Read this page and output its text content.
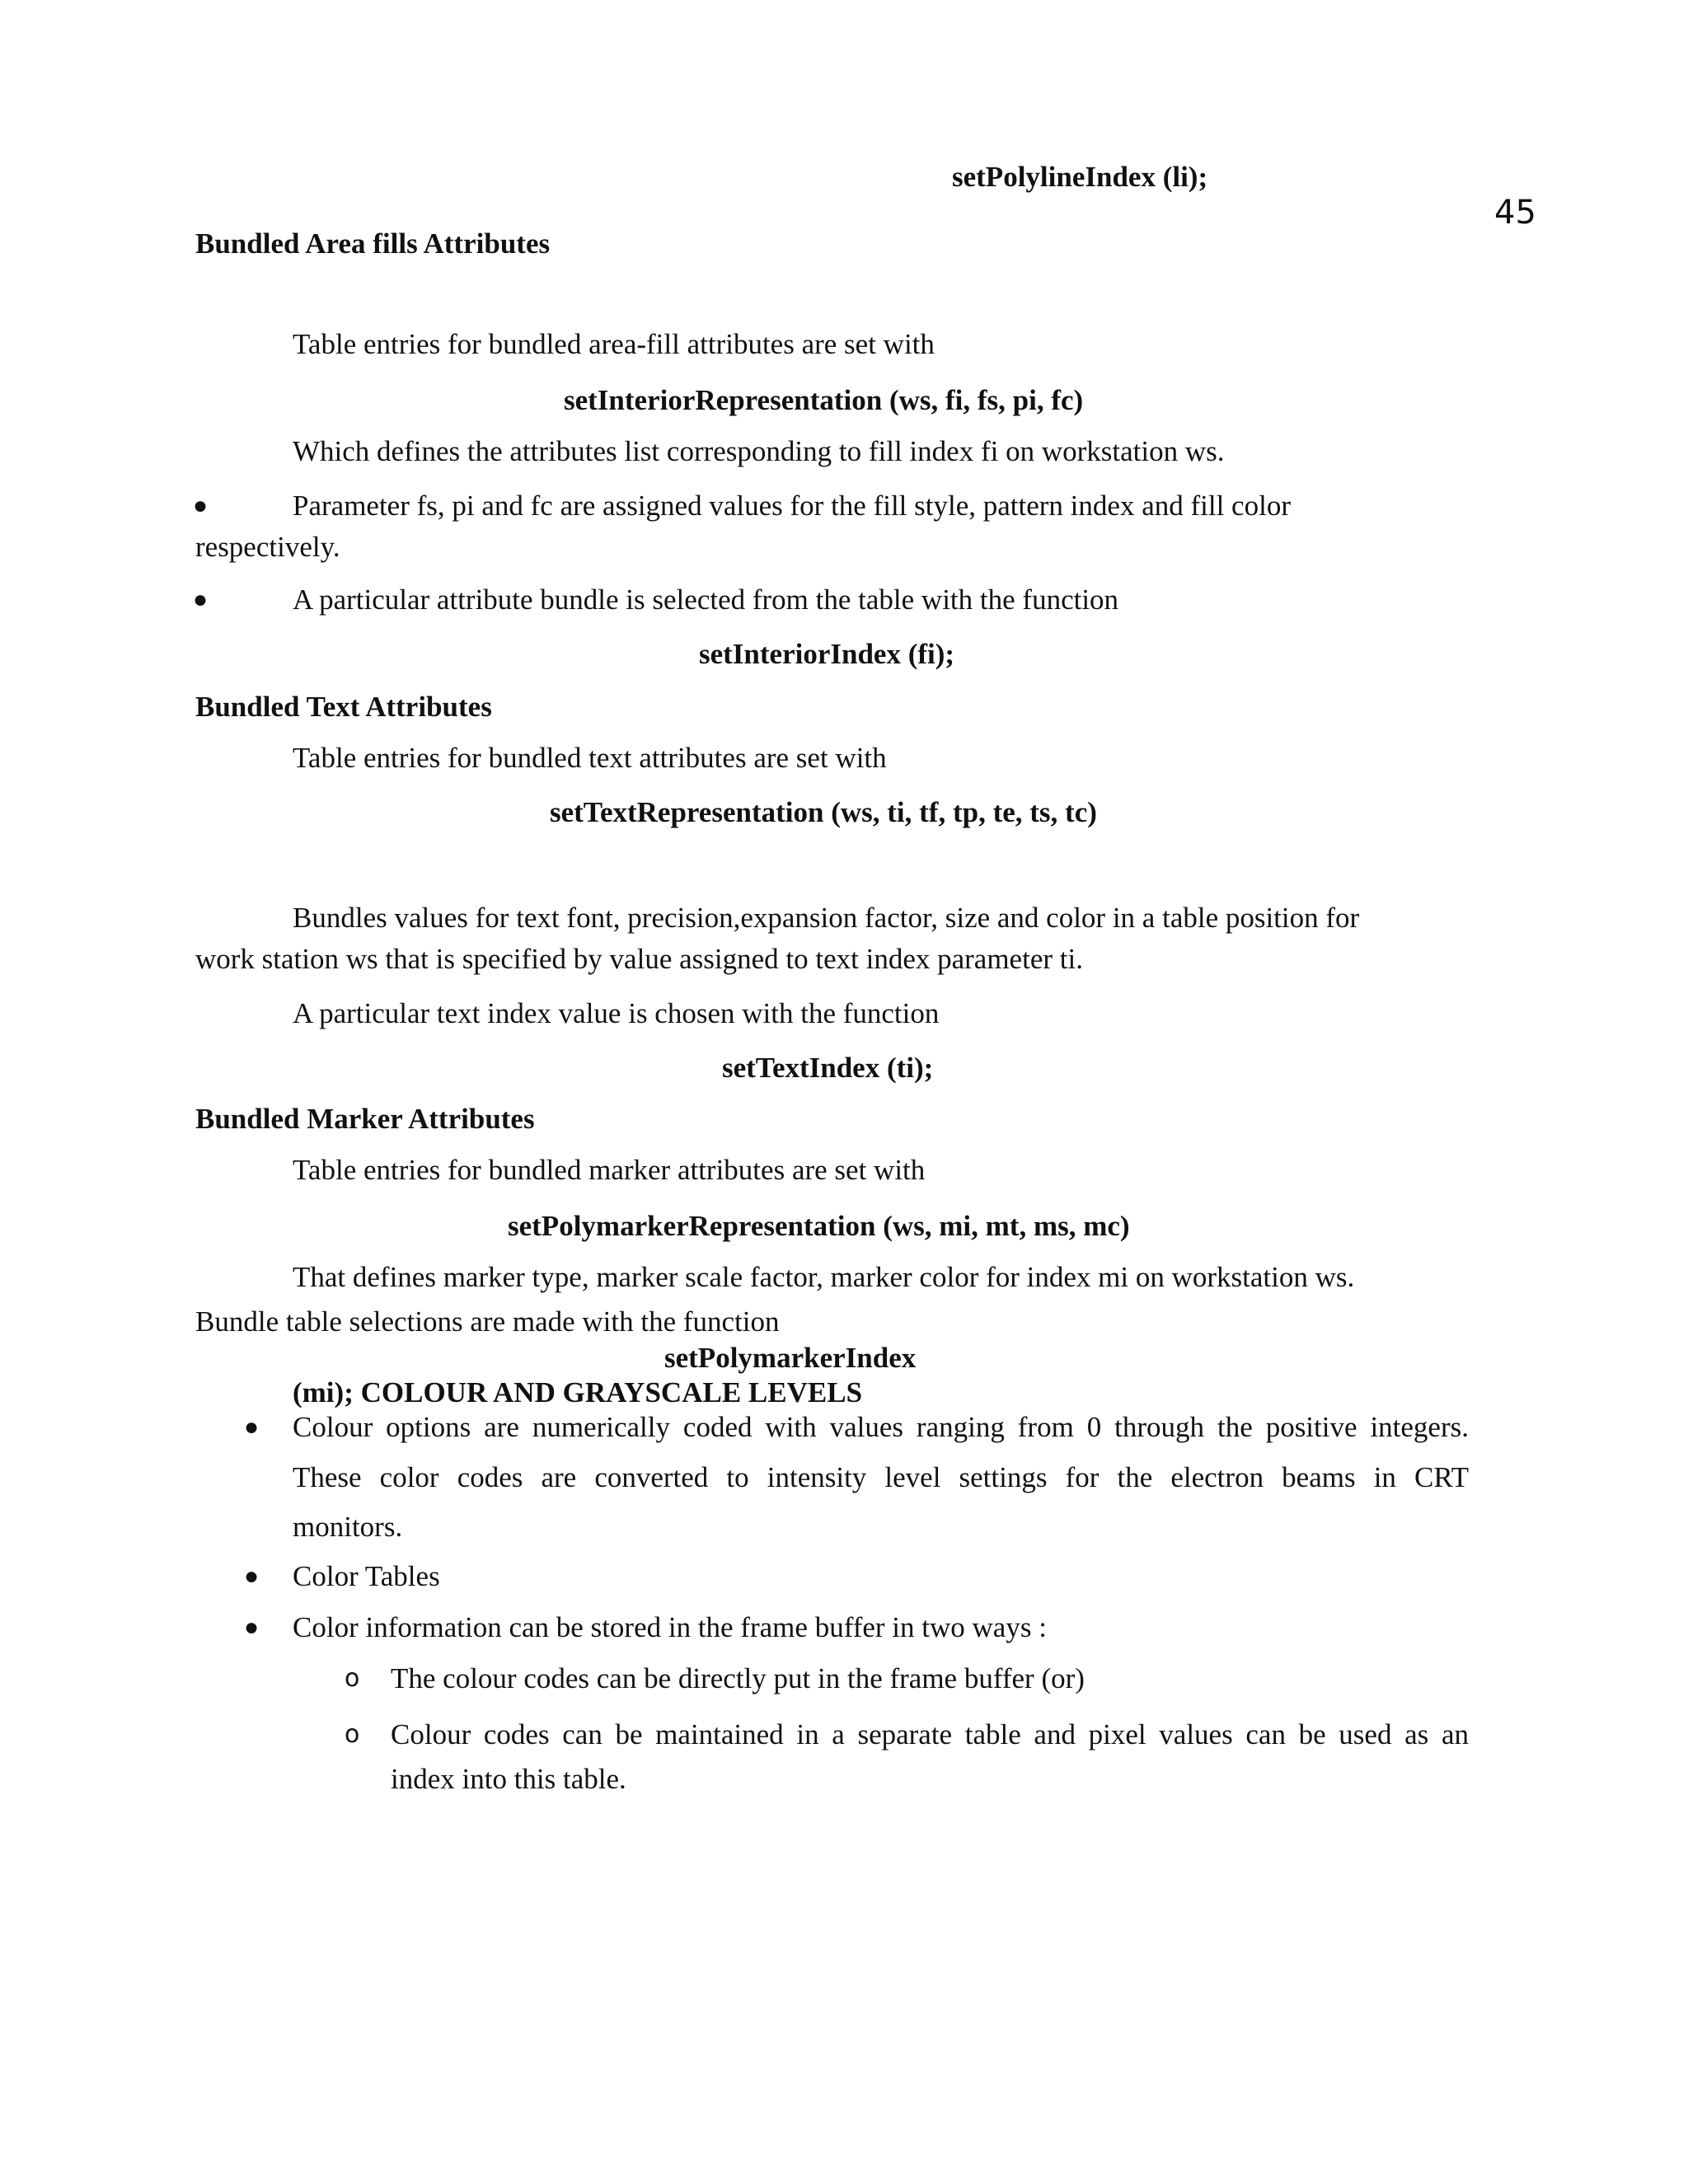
45
setPolylineIndex (li);
Bundled Area fills Attributes
Table entries for bundled area-fill attributes are set with
setInteriorRepresentation (ws, fi, fs, pi, fc)
Which defines the attributes list corresponding to fill index fi on workstation ws.
●	Parameter fs, pi and fc are assigned values for the fill style, pattern index and fill color
respectively.
●	A particular attribute bundle is selected from the table with the function
setInteriorIndex (fi);
Bundled Text Attributes
Table entries for bundled text attributes are set with
setTextRepresentation (ws, ti, tf, tp, te, ts, tc)
Bundles values for text font, precision,expansion factor, size and color in a table position for
work station ws that is specified by value assigned to text index parameter ti.
A particular text index value is chosen with the function
setTextIndex (ti);
Bundled Marker Attributes
Table entries for bundled marker attributes are set with
setPolymarkerRepresentation (ws, mi, mt, ms, mc)
That defines marker type, marker scale factor, marker color for index mi on workstation ws.
Bundle table selections are made with the function
setPolymarkerIndex
(mi); COLOUR AND GRAYSCALE LEVELS
● Colour options are numerically coded with values ranging from 0 through the positive integers.
These color codes are converted to intensity level settings for the electron beams in CRT
monitors.
● Color Tables
● Color information can be stored in the frame buffer in two ways :
o The colour codes can be directly put in the frame buffer (or)
o Colour codes can be maintained in a separate table and pixel values can be used as an
index into this table.
